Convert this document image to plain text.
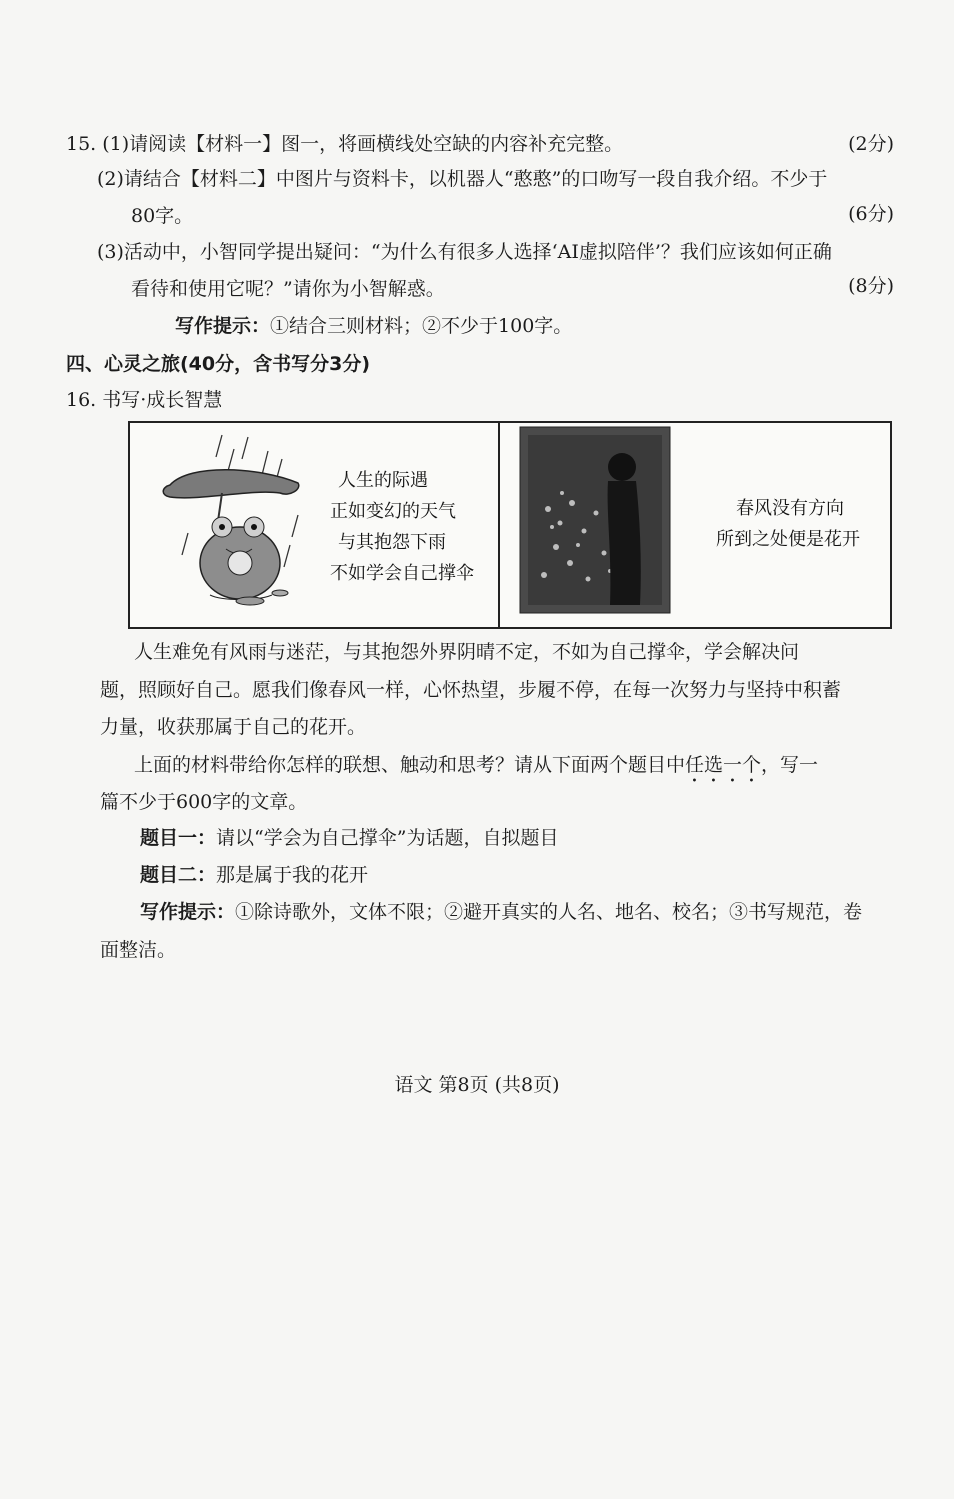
15. (1)请阅读【材料一】图一，将画横线处空缺的内容补充完整。	(2分)
(2)请结合【材料二】中图片与资料卡，以机器人“憨憨”的口吻写一段自我介绍。不少于
80字。	(6分)
(3)活动中，小智同学提出疑问：“为什么有很多人选择‘AI虚拟陪伴’？我们应该如何正确
看待和使用它呢？”请你为小智解惑。	(8分)
写作提示：①结合三则材料；②不少于100字。
四、心灵之旅(40分，含书写分3分)
16. 书写·成长智慧
人生的际遇
正如变幻的天气
与其抱怨下雨
不如学会自己撑伞
春风没有方向
所到之处便是花开
人生难免有风雨与迷茫，与其抱怨外界阴晴不定，不如为自己撑伞，学会解决问
题，照顾好自己。愿我们像春风一样，心怀热望，步履不停，在每一次努力与坚持中积蓄
力量，收获那属于自己的花开。
上面的材料带给你怎样的联想、触动和思考？请从下面两个题目中任选一个，写一
篇不少于600字的文章。
题目一：请以“学会为自己撑伞”为话题，自拟题目
题目二：那是属于我的花开
写作提示：①除诗歌外，文体不限；②避开真实的人名、地名、校名；③书写规范，卷
面整洁。
语文 第8页 (共8页)
